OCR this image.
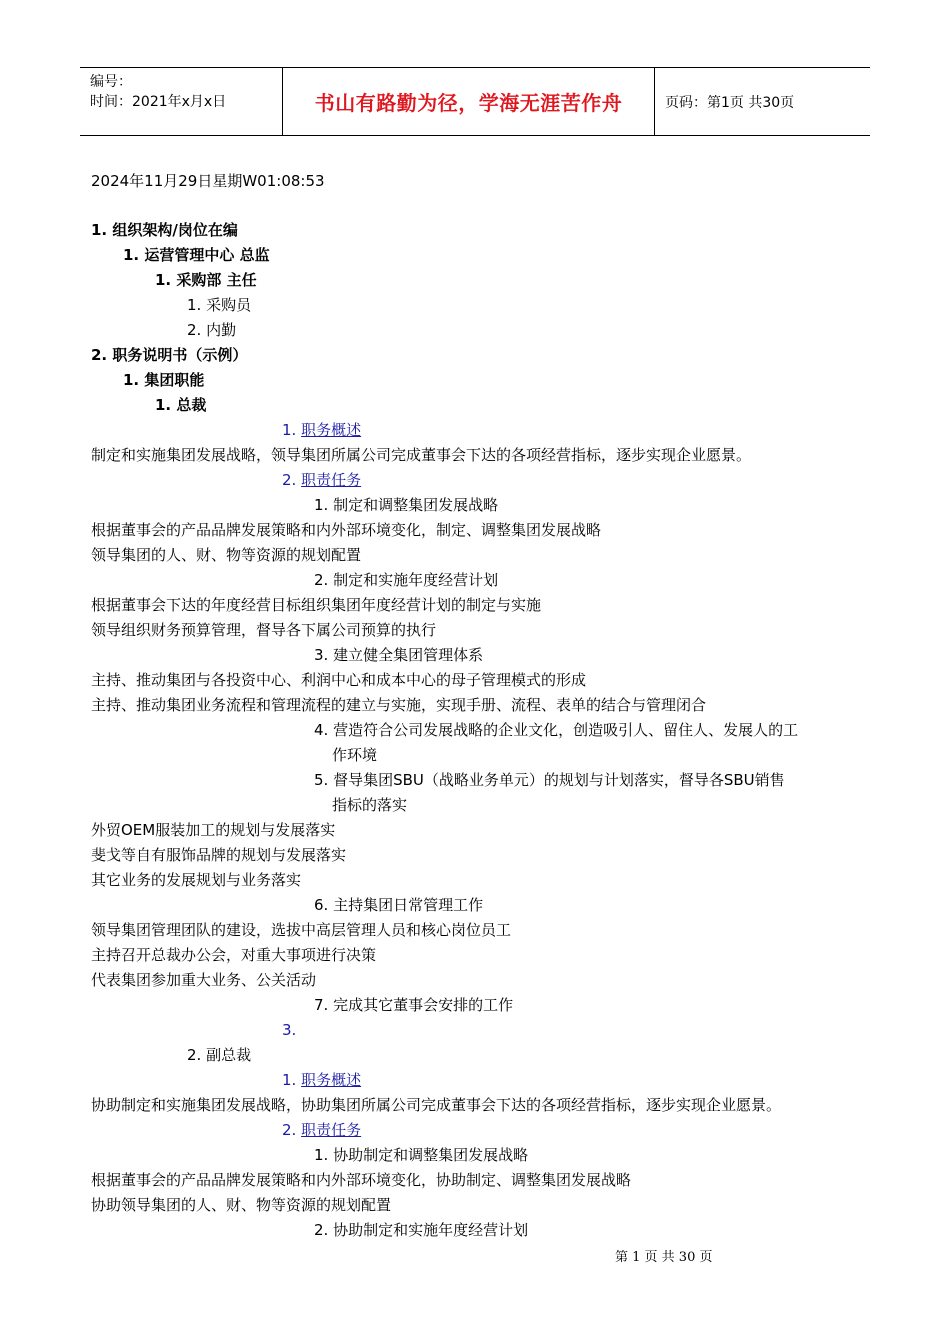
编号：
时间：2021年x月x日	书山有路勤为径，学海无涯苦作舟	页码：第1页 共30页
2024年11月29日星期W01:08:53
1. 组织架构/岗位在编
1. 运营管理中心 总监
1. 采购部 主任
1. 采购员
2. 内勤
2. 职务说明书（示例）
1. 集团职能
1. 总裁
1. 职务概述
制定和实施集团发展战略，领导集团所属公司完成董事会下达的各项经营指标，逐步实现企业愿景。
2. 职责任务
1. 制定和调整集团发展战略
根据董事会的产品品牌发展策略和内外部环境变化，制定、调整集团发展战略
领导集团的人、财、物等资源的规划配置
2. 制定和实施年度经营计划
根据董事会下达的年度经营目标组织集团年度经营计划的制定与实施
领导组织财务预算管理，督导各下属公司预算的执行
3. 建立健全集团管理体系
主持、推动集团与各投资中心、利润中心和成本中心的母子管理模式的形成
主持、推动集团业务流程和管理流程的建立与实施，实现手册、流程、表单的结合与管理闭合
4. 营造符合公司发展战略的企业文化，创造吸引人、留住人、发展人的工
作环境
5. 督导集团SBU（战略业务单元）的规划与计划落实，督导各SBU销售
指标的落实
外贸OEM服装加工的规划与发展落实
斐戈等自有服饰品牌的规划与发展落实
其它业务的发展规划与业务落实
6. 主持集团日常管理工作
领导集团管理团队的建设，选拔中高层管理人员和核心岗位员工
主持召开总裁办公会，对重大事项进行决策
代表集团参加重大业务、公关活动
7. 完成其它董事会安排的工作
3.
2. 副总裁
1. 职务概述
协助制定和实施集团发展战略，协助集团所属公司完成董事会下达的各项经营指标，逐步实现企业愿景。
2. 职责任务
1. 协助制定和调整集团发展战略
根据董事会的产品品牌发展策略和内外部环境变化，协助制定、调整集团发展战略
协助领导集团的人、财、物等资源的规划配置
2. 协助制定和实施年度经营计划
第 1 页 共 30 页
